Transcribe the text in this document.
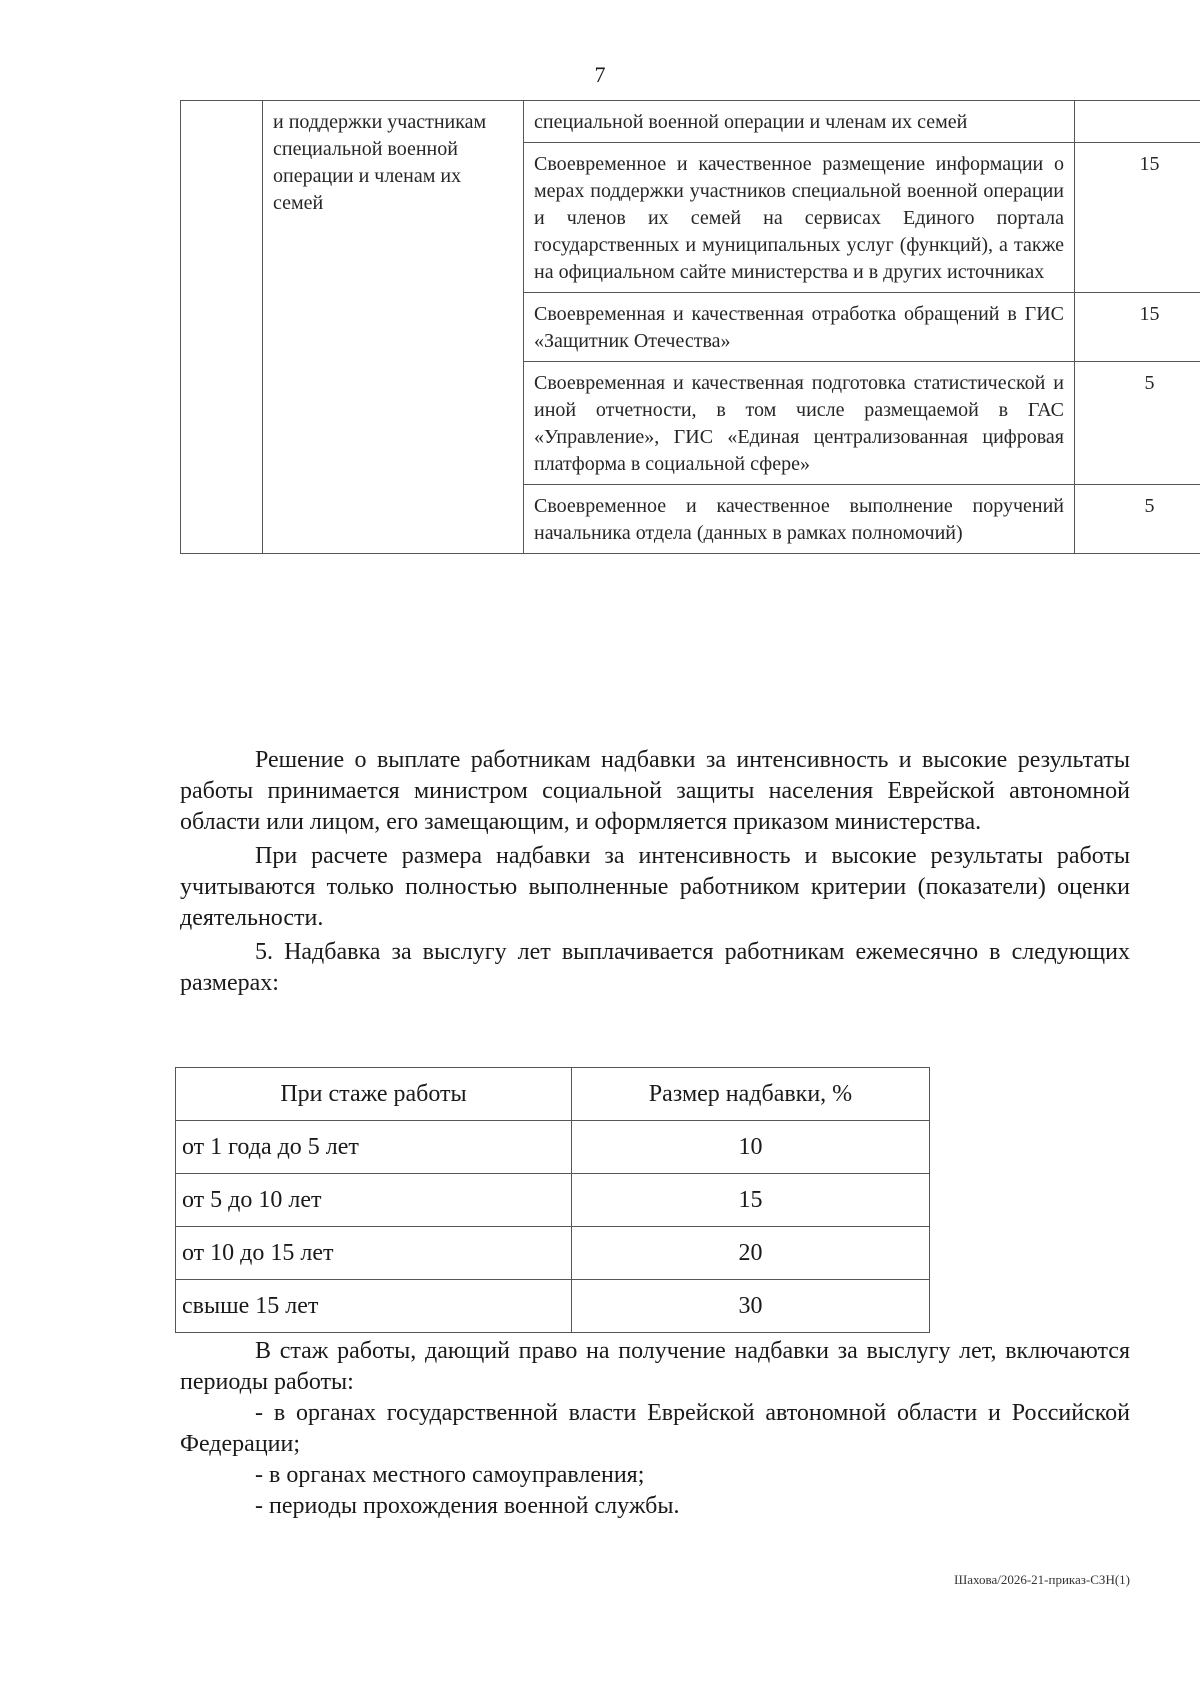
7
	и поддержки участникам специальной военной операции и членам их семей	специальной военной операции и членам их семей	
		Своевременное и качественное размещение информации о мерах поддержки участников специальной военной операции и членов их семей на сервисах Единого портала государственных и муниципальных услуг (функций), а также на официальном сайте министерства и в других источниках	15
		Своевременная и качественная отработка обращений в ГИС «Защитник Отечества»	15
		Своевременная и качественная подготовка статистической и иной отчетности, в том числе размещаемой в ГАС «Управление», ГИС «Единая централизованная цифровая платформа в социальной сфере»	5
		Своевременное и качественное выполнение поручений начальника отдела (данных в рамках полномочий)	5

Решение о выплате работникам надбавки за интенсивность и высокие результаты работы принимается министром социальной защиты населения Еврейской автономной области или лицом, его замещающим, и оформляется приказом министерства.

При расчете размера надбавки за интенсивность и высокие результаты работы учитываются только полностью выполненные работником критерии (показатели) оценки деятельности.

5. Надбавка за выслугу лет выплачивается работникам ежемесячно в следующих размерах:

При стаже работы	Размер надбавки, %
от 1 года до 5 лет	10
от 5 до 10 лет	15
от 10 до 15 лет	20
свыше 15 лет	30

В стаж работы, дающий право на получение надбавки за выслугу лет, включаются периоды работы:

- в органах государственной власти Еврейской автономной области и Российской Федерации;

- в органах местного самоуправления;

- периоды прохождения военной службы.

Шахова/2026-21-приказ-СЗН(1)
